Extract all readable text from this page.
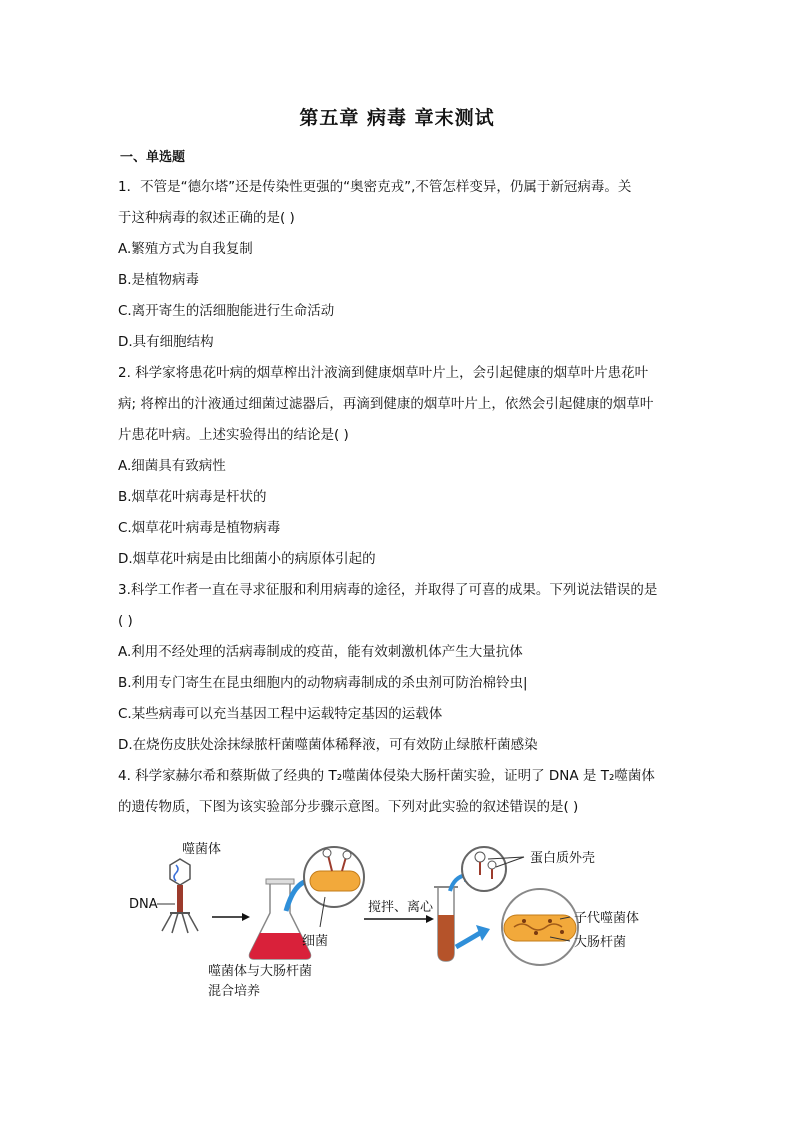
第五章 病毒 章末测试
一、单选题
1．不管是“德尔塔”还是传染性更强的“奥密克戎”,不管怎样变异，仍属于新冠病毒。关
于这种病毒的叙述正确的是( )
A.繁殖方式为自我复制
B.是植物病毒
C.离开寄生的活细胞能进行生命活动
D.具有细胞结构
2. 科学家将患花叶病的烟草榨出汁液滴到健康烟草叶片上，会引起健康的烟草叶片患花叶
病; 将榨出的汁液通过细菌过滤器后，再滴到健康的烟草叶片上，依然会引起健康的烟草叶
片患花叶病。上述实验得出的结论是( )
A.细菌具有致病性
B.烟草花叶病毒是杆状的
C.烟草花叶病毒是植物病毒
D.烟草花叶病是由比细菌小的病原体引起的
3.科学工作者一直在寻求征服和利用病毒的途径，并取得了可喜的成果。下列说法错误的是
( )
A.利用不经处理的活病毒制成的疫苗，能有效刺激机体产生大量抗体
B.利用专门寄生在昆虫细胞内的动物病毒制成的杀虫剂可防治棉铃虫|
C.某些病毒可以充当基因工程中运载特定基因的运载体
D.在烧伤皮肤处涂抹绿脓杆菌噬菌体稀释液，可有效防止绿脓杆菌感染
4. 科学家赫尔希和蔡斯做了经典的 T₂噬菌体侵染大肠杆菌实验，证明了 DNA 是 T₂噬菌体
的遗传物质，下图为该实验部分步骤示意图。下列对此实验的叙述错误的是( )
噬菌体
DNA
细菌
噬菌体与大肠杆菌
混合培养
搅拌、离心
蛋白质外壳
子代噬菌体
大肠杆菌
